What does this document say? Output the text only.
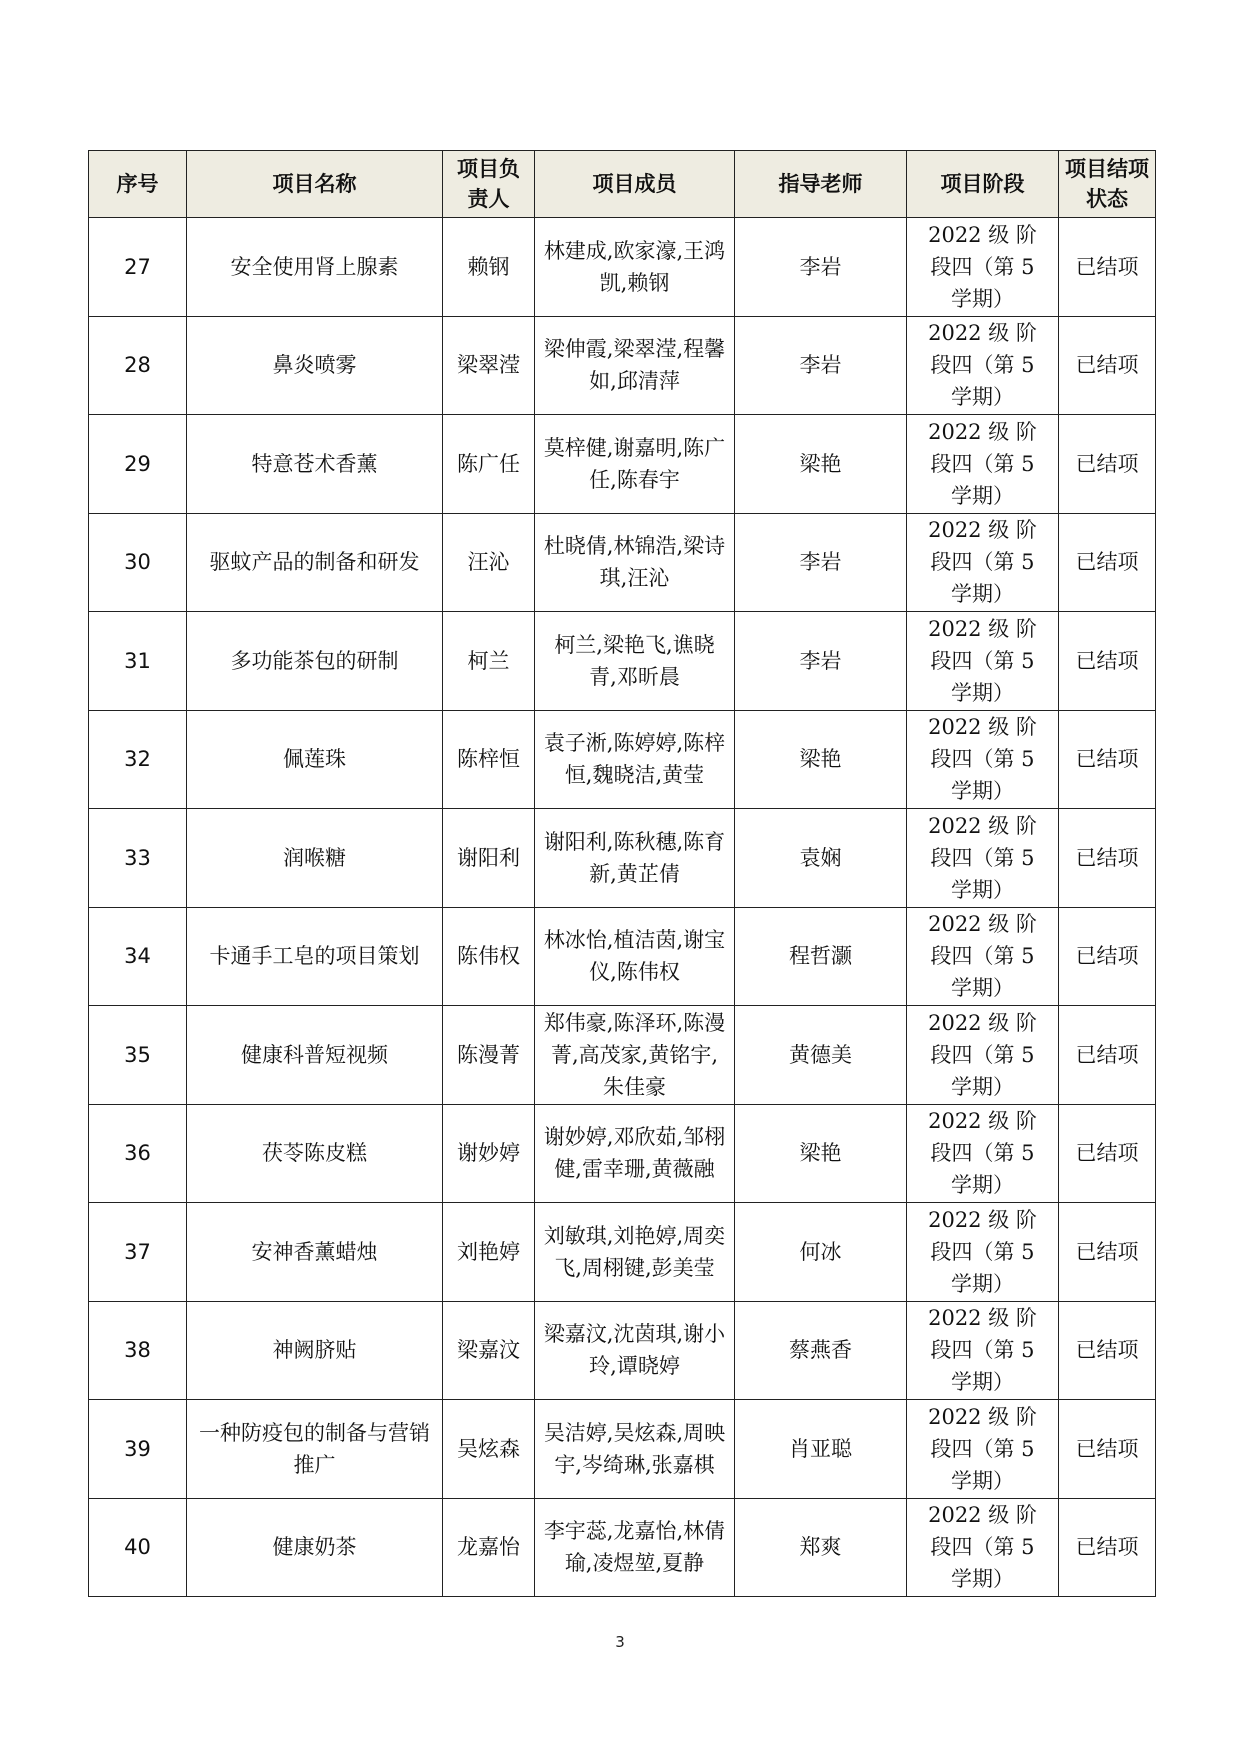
序号	项目名称	项目负责人	项目成员	指导老师	项目阶段	项目结项状态
27	安全使用肾上腺素	赖钢	林建成,欧家濠,王鸿凯,赖钢	李岩	2022 级 阶段四（第 5 学期）	已结项
28	鼻炎喷雾	梁翠滢	梁伸霞,梁翠滢,程馨如,邱清萍	李岩	2022 级 阶段四（第 5 学期）	已结项
29	特意苍术香薰	陈广任	莫梓健,谢嘉明,陈广任,陈春宇	梁艳	2022 级 阶段四（第 5 学期）	已结项
30	驱蚊产品的制备和研发	汪沁	杜晓倩,林锦浩,梁诗琪,汪沁	李岩	2022 级 阶段四（第 5 学期）	已结项
31	多功能茶包的研制	柯兰	柯兰,梁艳飞,谯晓青,邓昕晨	李岩	2022 级 阶段四（第 5 学期）	已结项
32	佩莲珠	陈梓恒	袁子淅,陈婷婷,陈梓恒,魏晓洁,黄莹	梁艳	2022 级 阶段四（第 5 学期）	已结项
33	润喉糖	谢阳利	谢阳利,陈秋穗,陈育新,黄芷倩	袁娴	2022 级 阶段四（第 5 学期）	已结项
34	卡通手工皂的项目策划	陈伟权	林冰怡,植洁茵,谢宝仪,陈伟权	程哲灏	2022 级 阶段四（第 5 学期）	已结项
35	健康科普短视频	陈漫菁	郑伟豪,陈泽环,陈漫菁,高茂家,黄铭宇,朱佳豪	黄德美	2022 级 阶段四（第 5 学期）	已结项
36	茯苓陈皮糕	谢妙婷	谢妙婷,邓欣茹,邹栩健,雷幸珊,黄薇融	梁艳	2022 级 阶段四（第 5 学期）	已结项
37	安神香薰蜡烛	刘艳婷	刘敏琪,刘艳婷,周奕飞,周栩键,彭美莹	何冰	2022 级 阶段四（第 5 学期）	已结项
38	神阙脐贴	梁嘉汶	梁嘉汶,沈茵琪,谢小玲,谭晓婷	蔡燕香	2022 级 阶段四（第 5 学期）	已结项
39	一种防疫包的制备与营销推广	吴炫森	吴洁婷,吴炫森,周映宇,岑绮琳,张嘉棋	肖亚聪	2022 级 阶段四（第 5 学期）	已结项
40	健康奶茶	龙嘉怡	李宇蕊,龙嘉怡,林倩瑜,凌煜堃,夏静	郑爽	2022 级 阶段四（第 5 学期）	已结项
3
